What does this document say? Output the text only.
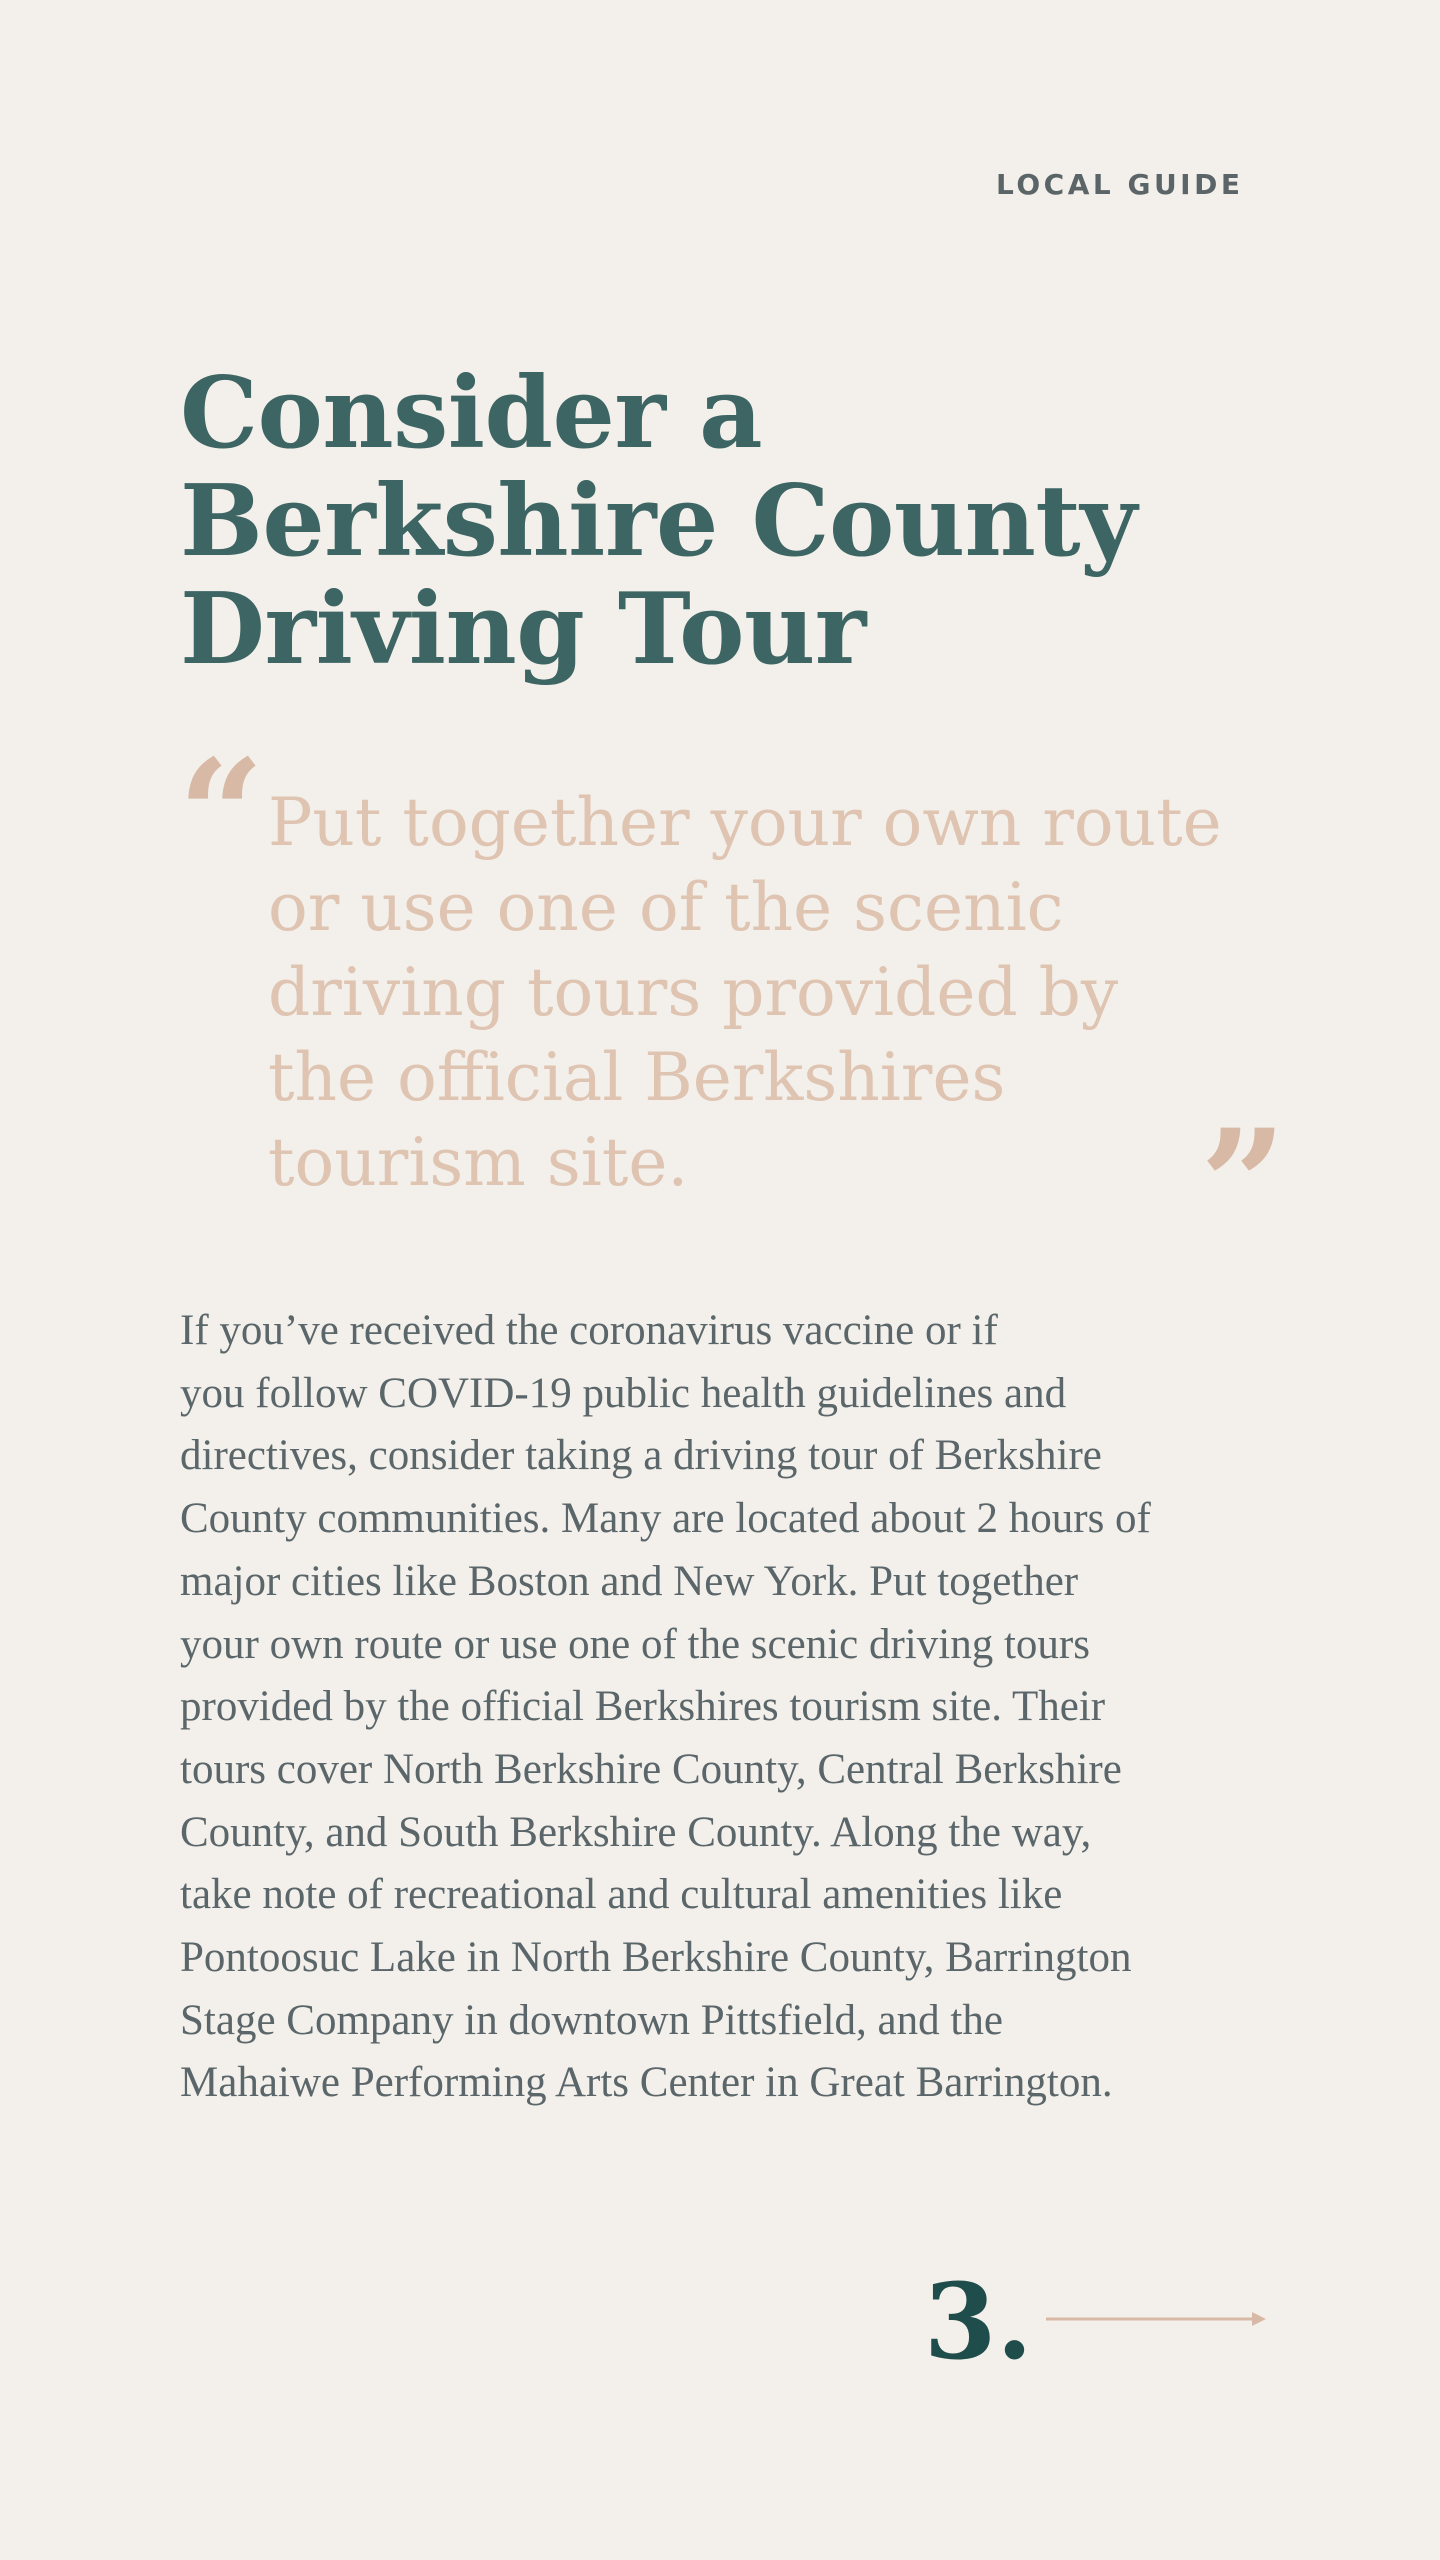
LOCAL GUIDE
Consider a
Berkshire County
Driving Tour
“ Put together your own route
or use one of the scenic
driving tours provided by
the official Berkshires
tourism site.	”

If you’ve received the coronavirus vaccine or if
you follow COVID-19 public health guidelines and
directives, consider taking a driving tour of Berkshire
County communities. Many are located about 2 hours of
major cities like Boston and New York. Put together
your own route or use one of the scenic driving tours
provided by the official Berkshires tourism site. Their
tours cover North Berkshire County, Central Berkshire
County, and South Berkshire County. Along the way,
take note of recreational and cultural amenities like
Pontoosuc Lake in North Berkshire County, Barrington
Stage Company in downtown Pittsfield, and the
Mahaiwe Performing Arts Center in Great Barrington.

3.
